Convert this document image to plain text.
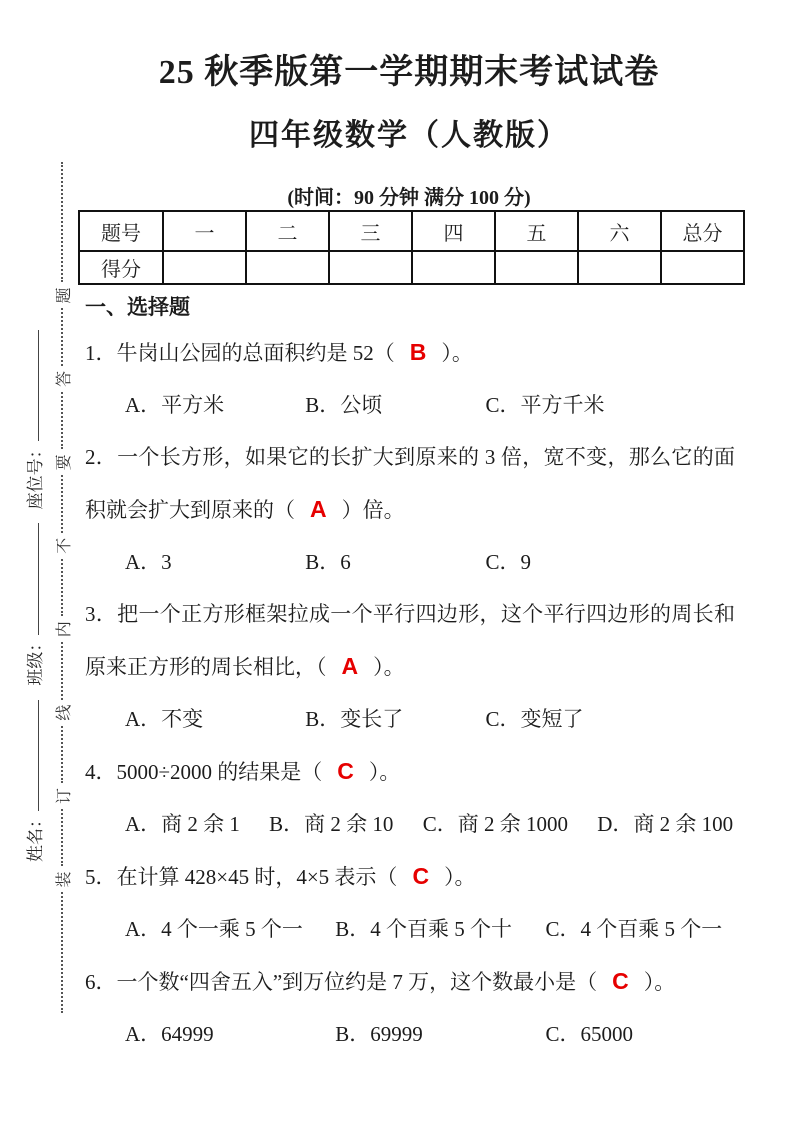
装
订
线
内
不
要
答
题
姓名：
班级：
座位号：
25 秋季版第一学期期末考试试卷
四年级数学（人教版）
(时间：90 分钟 满分 100 分)
题号	一	二	三	四	五	六	总分
得分							
一、选择题
1．牛岗山公园的总面积约是 52（ B ）。
A．平方米	B．公顷	C．平方千米
2．一个长方形，如果它的长扩大到原来的 3 倍，宽不变，那么它的面积就会扩大到原来的（ A ）倍。
A．3	B．6	C．9
3．把一个正方形框架拉成一个平行四边形，这个平行四边形的周长和原来正方形的周长相比，（ A ）。
A．不变	B．变长了	C．变短了
4．5000÷2000 的结果是（ C ）。
A．商 2 余 1 B．商 2 余 10 C．商 2 余 1000 D．商 2 余 100
5．在计算 428×45 时，4×5 表示（ C ）。
A．4 个一乘 5 个一 B．4 个百乘 5 个十 C．4 个百乘 5 个一
6．一个数“四舍五入”到万位约是 7 万，这个数最小是（ C ）。
A．64999	B．69999	C．65000
